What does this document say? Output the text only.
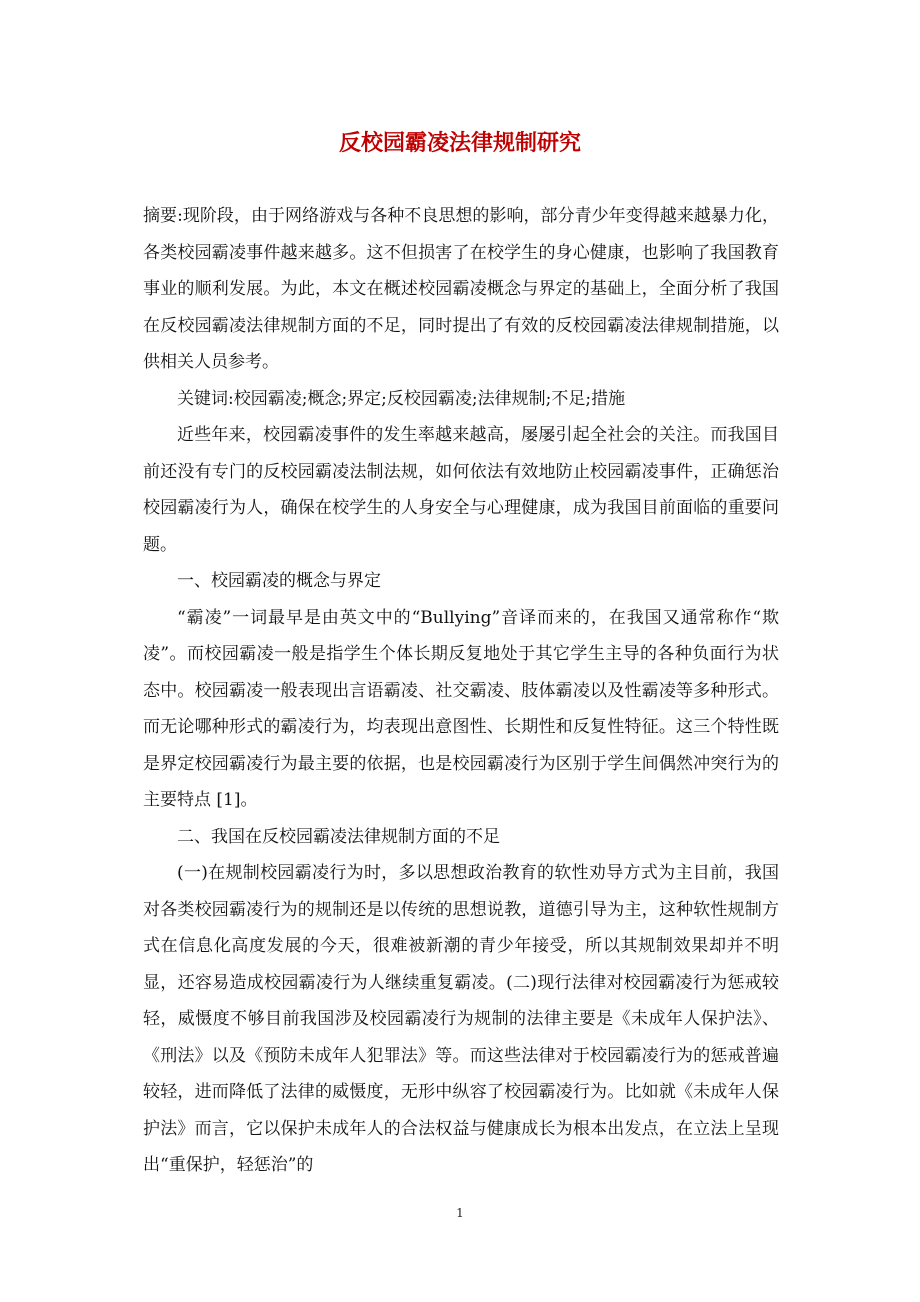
反校园霸凌法律规制研究

摘要:现阶段，由于网络游戏与各种不良思想的影响，部分青少年变得越来越暴力化，各类校园霸凌事件越来越多。这不但损害了在校学生的身心健康，也影响了我国教育事业的顺利发展。为此，本文在概述校园霸凌概念与界定的基础上，全面分析了我国在反校园霸凌法律规制方面的不足，同时提出了有效的反校园霸凌法律规制措施，以供相关人员参考。

关键词:校园霸凌;概念;界定;反校园霸凌;法律规制;不足;措施

近些年来，校园霸凌事件的发生率越来越高，屡屡引起全社会的关注。而我国目前还没有专门的反校园霸凌法制法规，如何依法有效地防止校园霸凌事件，正确惩治校园霸凌行为人，确保在校学生的人身安全与心理健康，成为我国目前面临的重要问题。

一、校园霸凌的概念与界定

“霸凌”一词最早是由英文中的“Bullying”音译而来的，在我国又通常称作“欺凌”。而校园霸凌一般是指学生个体长期反复地处于其它学生主导的各种负面行为状态中。校园霸凌一般表现出言语霸凌、社交霸凌、肢体霸凌以及性霸凌等多种形式。而无论哪种形式的霸凌行为，均表现出意图性、长期性和反复性特征。这三个特性既是界定校园霸凌行为最主要的依据，也是校园霸凌行为区别于学生间偶然冲突行为的主要特点 [1]。

二、我国在反校园霸凌法律规制方面的不足

(一)在规制校园霸凌行为时，多以思想政治教育的软性劝导方式为主目前，我国对各类校园霸凌行为的规制还是以传统的思想说教，道德引导为主，这种软性规制方式在信息化高度发展的今天，很难被新潮的青少年接受，所以其规制效果却并不明显，还容易造成校园霸凌行为人继续重复霸凌。(二)现行法律对校园霸凌行为惩戒较轻，威慑度不够目前我国涉及校园霸凌行为规制的法律主要是《未成年人保护法》、《刑法》以及《预防未成年人犯罪法》等。而这些法律对于校园霸凌行为的惩戒普遍较轻，进而降低了法律的威慑度，无形中纵容了校园霸凌行为。比如就《未成年人保护法》而言，它以保护未成年人的合法权益与健康成长为根本出发点，在立法上呈现出“重保护，轻惩治”的

1
